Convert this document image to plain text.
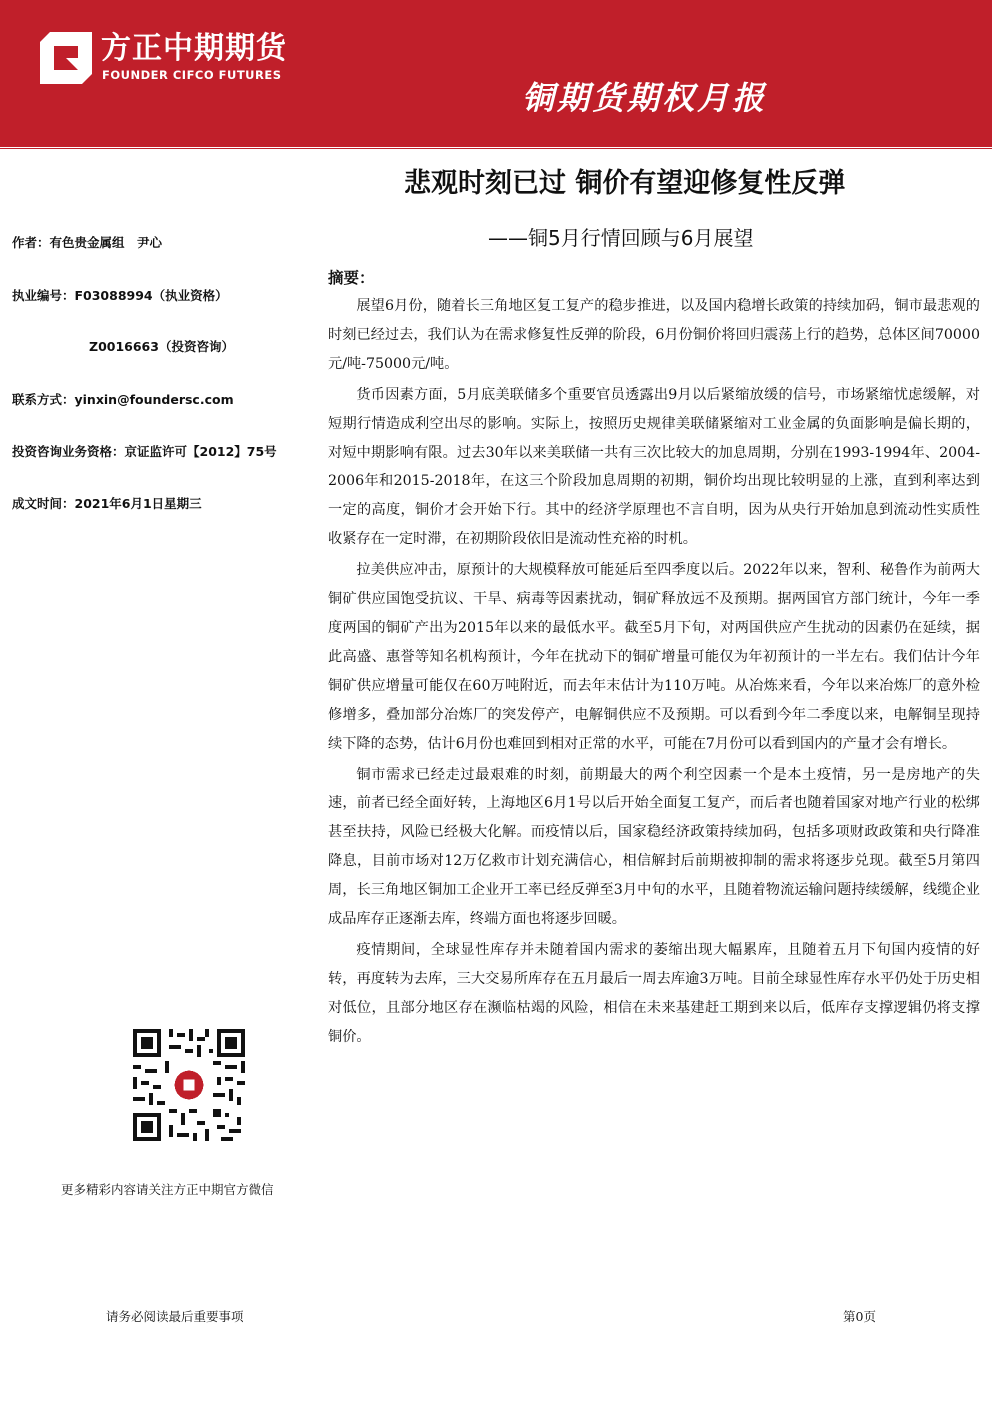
方正中期期货
FOUNDER CIFCO FUTURES
铜期货期权月报
悲观时刻已过 铜价有望迎修复性反弹
——铜5月行情回顾与6月展望
作者：有色贵金属组　尹心
执业编号：F03088994（执业资格）
Z0016663（投资咨询）
联系方式：yinxin@foundersc.com
投资咨询业务资格：京证监许可【2012】75号
成文时间：2021年6月1日星期三
更多精彩内容请关注方正中期官方微信
摘要：

展望6月份，随着长三角地区复工复产的稳步推进，以及国内稳增长政策的持续加码，铜市最悲观的时刻已经过去，我们认为在需求修复性反弹的阶段，6月份铜价将回归震荡上行的趋势，总体区间70000元/吨-75000元/吨。

货币因素方面，5月底美联储多个重要官员透露出9月以后紧缩放缓的信号，市场紧缩忧虑缓解，对短期行情造成利空出尽的影响。实际上，按照历史规律美联储紧缩对工业金属的负面影响是偏长期的，对短中期影响有限。过去30年以来美联储一共有三次比较大的加息周期，分别在1993-1994年、2004-2006年和2015-2018年，在这三个阶段加息周期的初期，铜价均出现比较明显的上涨，直到利率达到一定的高度，铜价才会开始下行。其中的经济学原理也不言自明，因为从央行开始加息到流动性实质性收紧存在一定时滞，在初期阶段依旧是流动性充裕的时机。

拉美供应冲击，原预计的大规模释放可能延后至四季度以后。2022年以来，智利、秘鲁作为前两大铜矿供应国饱受抗议、干旱、病毒等因素扰动，铜矿释放远不及预期。据两国官方部门统计，今年一季度两国的铜矿产出为2015年以来的最低水平。截至5月下旬，对两国供应产生扰动的因素仍在延续，据此高盛、惠誉等知名机构预计，今年在扰动下的铜矿增量可能仅为年初预计的一半左右。我们估计今年铜矿供应增量可能仅在60万吨附近，而去年末估计为110万吨。从冶炼来看，今年以来冶炼厂的意外检修增多，叠加部分冶炼厂的突发停产，电解铜供应不及预期。可以看到今年二季度以来，电解铜呈现持续下降的态势，估计6月份也难回到相对正常的水平，可能在7月份可以看到国内的产量才会有增长。

铜市需求已经走过最艰难的时刻，前期最大的两个利空因素一个是本土疫情，另一是房地产的失速，前者已经全面好转，上海地区6月1号以后开始全面复工复产，而后者也随着国家对地产行业的松绑甚至扶持，风险已经极大化解。而疫情以后，国家稳经济政策持续加码，包括多项财政政策和央行降准降息，目前市场对12万亿救市计划充满信心，相信解封后前期被抑制的需求将逐步兑现。截至5月第四周，长三角地区铜加工企业开工率已经反弹至3月中旬的水平，且随着物流运输问题持续缓解，线缆企业成品库存正逐渐去库，终端方面也将逐步回暖。

疫情期间，全球显性库存并未随着国内需求的萎缩出现大幅累库，且随着五月下旬国内疫情的好转，再度转为去库，三大交易所库存在五月最后一周去库逾3万吨。目前全球显性库存水平仍处于历史相对低位，且部分地区存在濒临枯竭的风险，相信在未来基建赶工期到来以后，低库存支撑逻辑仍将支撑铜价。

请务必阅读最后重要事项	第0页
